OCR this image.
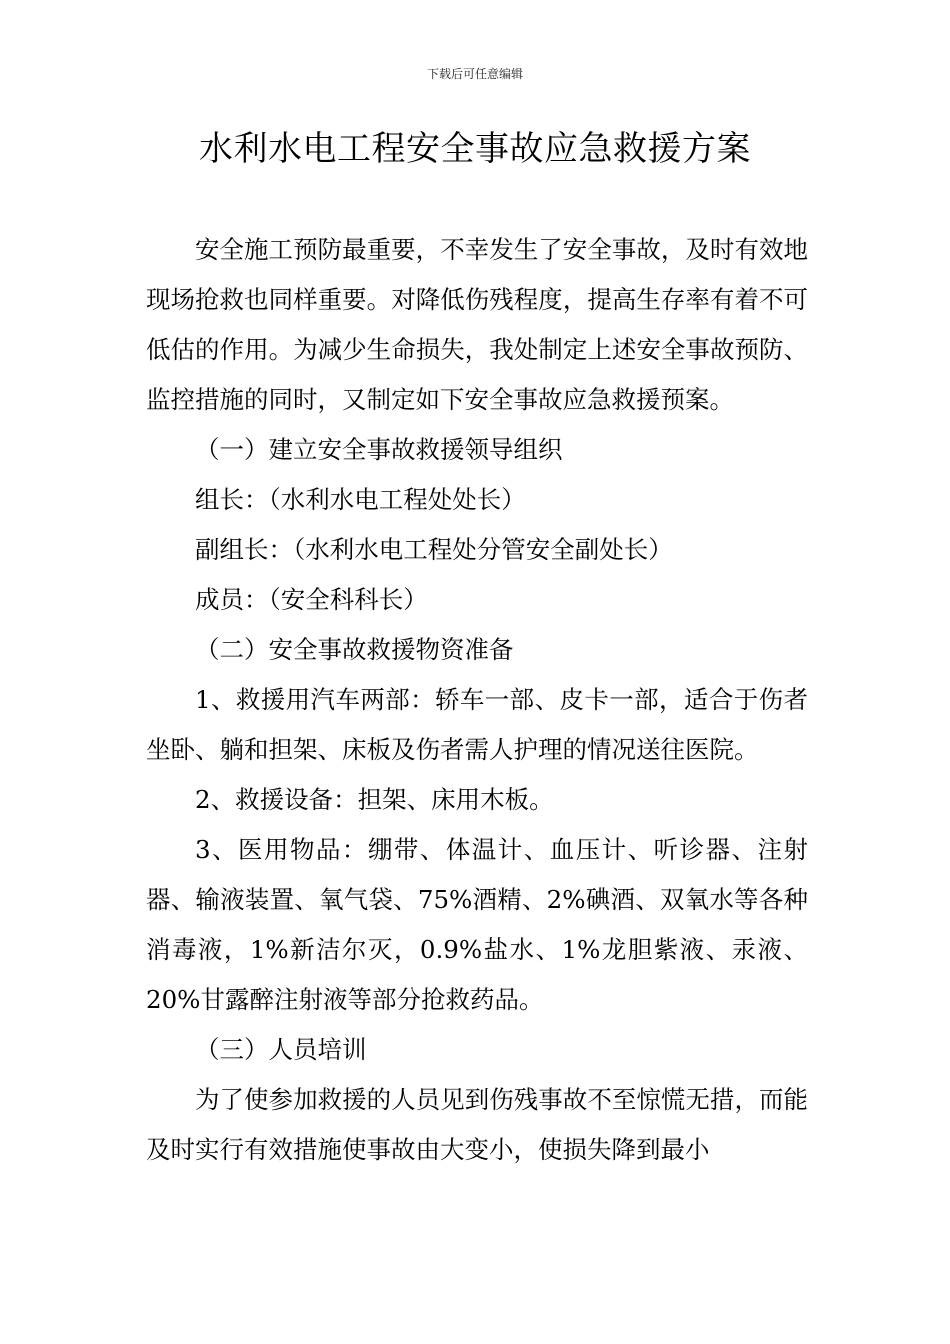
下载后可任意编辑
水利水电工程安全事故应急救援方案

安全施工预防最重要，不幸发生了安全事故，及时有效地现场抢救也同样重要。对降低伤残程度，提高生存率有着不可低估的作用。为减少生命损失，我处制定上述安全事故预防、监控措施的同时，又制定如下安全事故应急救援预案。

（一）建立安全事故救援领导组织

组长：（水利水电工程处处长）

副组长：（水利水电工程处分管安全副处长）

成员：（安全科科长）

（二）安全事故救援物资准备

1、救援用汽车两部：轿车一部、皮卡一部，适合于伤者坐卧、躺和担架、床板及伤者需人护理的情况送往医院。

2、救援设备：担架、床用木板。

3、医用物品：绷带、体温计、血压计、听诊器、注射器、输液装置、氧气袋、75%酒精、2%碘酒、双氧水等各种消毒液，1%新洁尔灭，0.9%盐水、1%龙胆紫液、汞液、20%甘露醉注射液等部分抢救药品。

（三）人员培训

为了使参加救援的人员见到伤残事故不至惊慌无措，而能及时实行有效措施使事故由大变小，使损失降到最小
